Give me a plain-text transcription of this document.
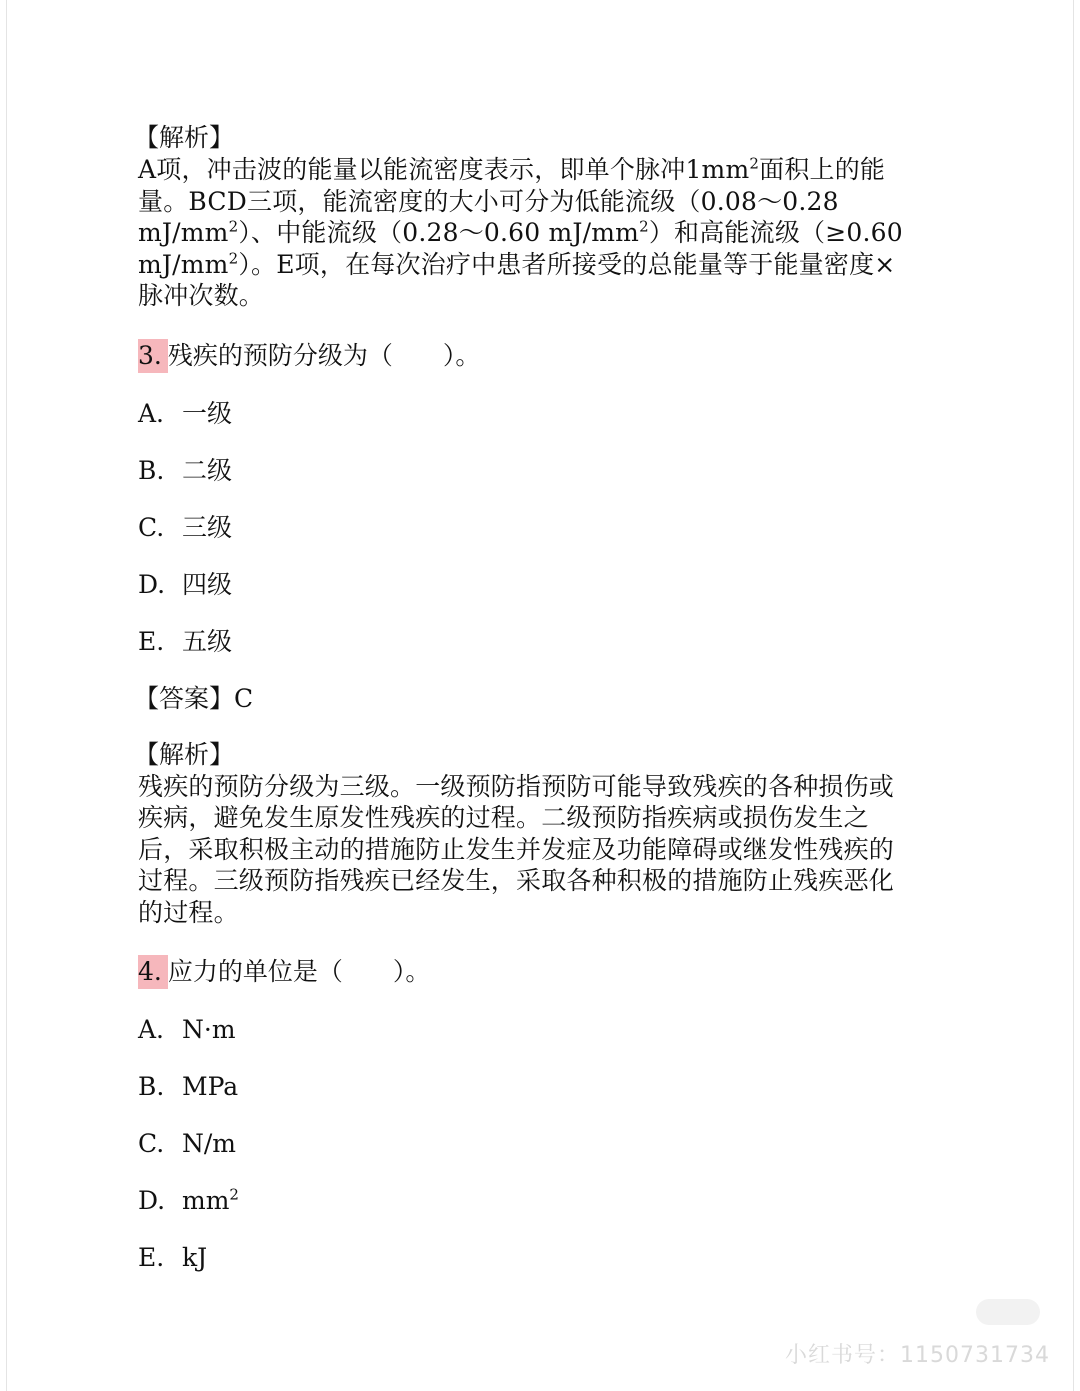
【解析】
A项，冲击波的能量以能流密度表示，即单个脉冲$1mm^2$面积上的能
量。BCD三项，能流密度的大小可分为低能流级（0.08～0.28
$mJ/mm^2$）、中能流级（0.28～0.60 $mJ/mm^2$）和高能流级（≥0.60
$mJ/mm^2$）。E项，在每次治疗中患者所接受的总能量等于能量密度×
脉冲次数。
3. 残疾的预防分级为（　　）。
A. 一级
B. 二级
C. 三级
D. 四级
E. 五级
【答案】C
【解析】
残疾的预防分级为三级。一级预防指预防可能导致残疾的各种损伤或
疾病，避免发生原发性残疾的过程。二级预防指疾病或损伤发生之
后，采取积极主动的措施防止发生并发症及功能障碍或继发性残疾的
过程。三级预防指残疾已经发生，采取各种积极的措施防止残疾恶化
的过程。
4. 应力的单位是（　　）。
A. N·m
B. MPa
C. N/m
D. $mm^2$
E. kJ
小红书号：1150731734
